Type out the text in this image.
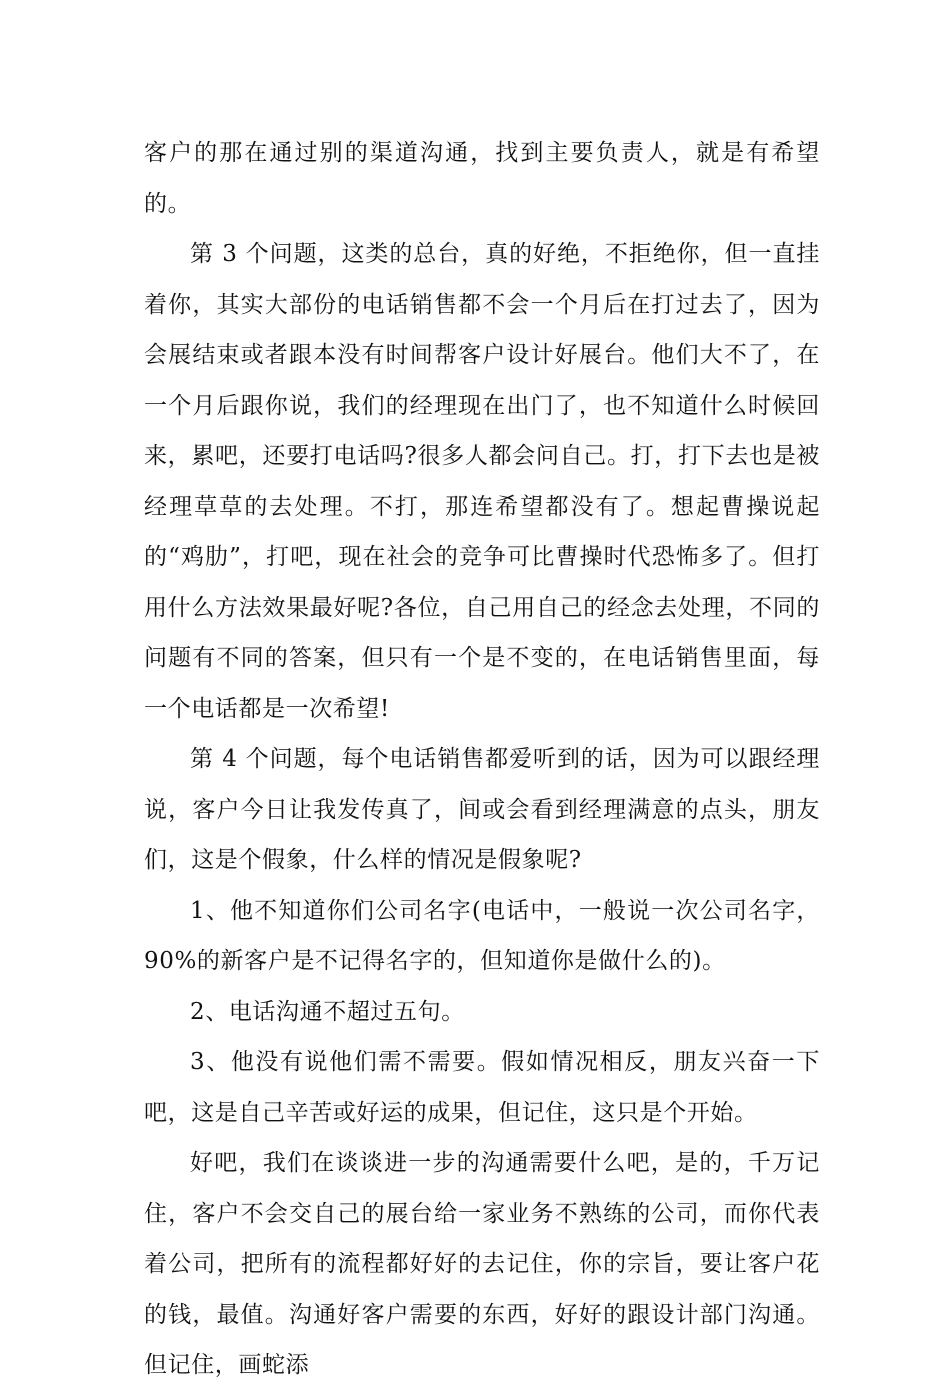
客户的那在通过别的渠道沟通，找到主要负责人，就是有希望的。

第 3 个问题，这类的总台，真的好绝，不拒绝你，但一直挂着你，其实大部份的电话销售都不会一个月后在打过去了，因为会展结束或者跟本没有时间帮客户设计好展台。他们大不了，在一个月后跟你说，我们的经理现在出门了，也不知道什么时候回来，累吧，还要打电话吗?很多人都会问自己。打，打下去也是被经理草草的去处理。不打，那连希望都没有了。想起曹操说起的“鸡肋”，打吧，现在社会的竞争可比曹操时代恐怖多了。但打用什么方法效果最好呢?各位，自己用自己的经念去处理，不同的问题有不同的答案，但只有一个是不变的，在电话销售里面，每一个电话都是一次希望!

第 4 个问题，每个电话销售都爱听到的话，因为可以跟经理说，客户今日让我发传真了，间或会看到经理满意的点头，朋友们，这是个假象，什么样的情况是假象呢?

1、他不知道你们公司名字(电话中，一般说一次公司名字，90%的新客户是不记得名字的，但知道你是做什么的)。

2、电话沟通不超过五句。

3、他没有说他们需不需要。假如情况相反，朋友兴奋一下吧，这是自己辛苦或好运的成果，但记住，这只是个开始。

好吧，我们在谈谈进一步的沟通需要什么吧，是的，千万记住，客户不会交自己的展台给一家业务不熟练的公司，而你代表着公司，把所有的流程都好好的去记住，你的宗旨，要让客户花的钱，最值。沟通好客户需要的东西，好好的跟设计部门沟通。但记住，画蛇添
